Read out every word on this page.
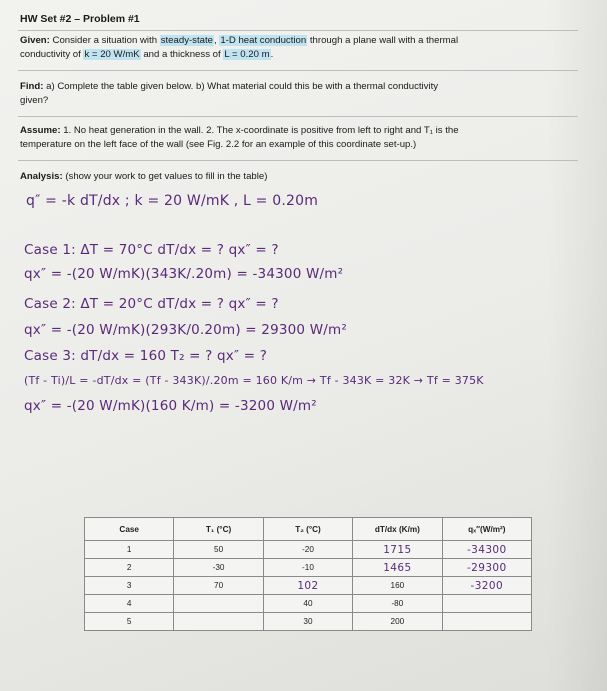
HW Set #2 – Problem #1
Given: Consider a situation with steady-state, 1-D heat conduction through a plane wall with a thermal
conductivity of k = 20 W/mK and a thickness of L = 0.20 m.
Find: a) Complete the table given below. b) What material could this be with a thermal conductivity
given?
Assume: 1. No heat generation in the wall. 2. The x-coordinate is positive from left to right and T₁ is the
temperature on the left face of the wall (see Fig. 2.2 for an example of this coordinate set-up.)
Analysis: (show your work to get values to fill in the table)
q″ = -k dT/dx ; k = 20 W/mK , L = 0.20m
Case 1: ΔT = 70°C dT/dx = ? qx″ = ?
qx″ = -(20 W/mK)(343K/.20m) = -34300 W/m²
Case 2: ΔT = 20°C dT/dx = ? qx″ = ?
qx″ = -(20 W/mK)(293K/0.20m) = 29300 W/m²
Case 3: dT/dx = 160 T₂ = ? qx″ = ?
(Tf - Ti)/L = -dT/dx = (Tf - 343K)/.20m = 160 K/m → Tf - 343K = 32K → Tf = 375K
qx″ = -(20 W/mK)(160 K/m) = -3200 W/m²
Case	T₁ (°C)	T₂ (°C)	dT/dx (K/m)	qₓ″(W/m²)
1	50	-20	1715	-34300
2	-30	-10	1465	-29300
3	70	102	160	-3200
4		40	-80	
5		30	200	
